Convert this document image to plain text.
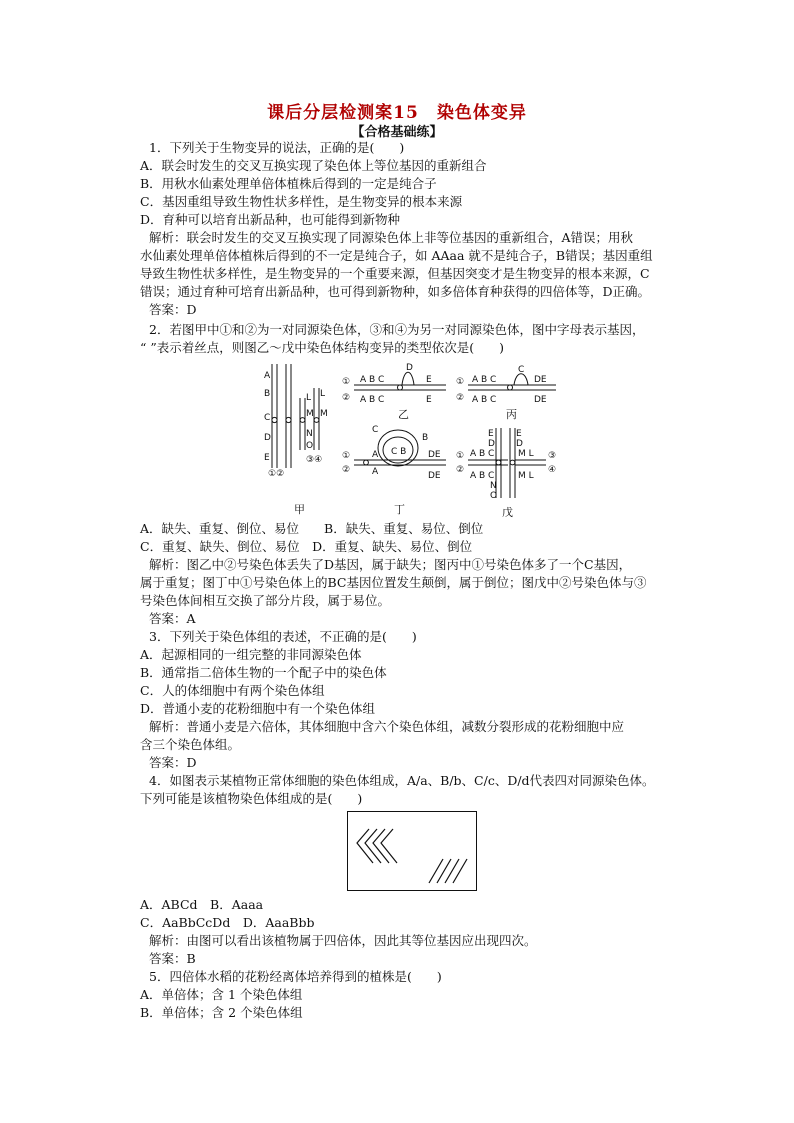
课后分层检测案15　染色体变异
【合格基础练】
1．下列关于生物变异的说法，正确的是(　　)
A．联会时发生的交叉互换实现了染色体上等位基因的重新组合
B．用秋水仙素处理单倍体植株后得到的一定是纯合子
C．基因重组导致生物性状多样性，是生物变异的根本来源
D．育种可以培育出新品种，也可能得到新物种
解析：联会时发生的交叉互换实现了同源染色体上非等位基因的重新组合，A错误；用秋
水仙素处理单倍体植株后得到的不一定是纯合子，如 AAaa 就不是纯合子，B错误；基因重组
导致生物性状多样性，是生物变异的一个重要来源，但基因突变才是生物变异的根本来源，C
错误；通过育种可培育出新品种，也可得到新物种，如多倍体育种获得的四倍体等，D正确。
答案：D
2．若图甲中①和②为一对同源染色体，③和④为另一对同源染色体，图中字母表示基因，
“ ”表示着丝点，则图乙～戊中染色体结构变异的类型依次是(　　)
A
B
C
D
E
L
M
N
O
L
M
①②
③④
甲
①
②
D
A B C	E
A B C	E
乙
①
②
C
A B C	DE
A B C	DE
丙
①
②
C
B
C B
A
A
DE
DE
丁
①
②
E
D
E
D
A B C
A B C
M L
M L
N
O
③
④
戊
A．缺失、重复、倒位、易位　　B．缺失、重复、易位、倒位
C．重复、缺失、倒位、易位　D．重复、缺失、易位、倒位
解析：图乙中②号染色体丢失了D基因，属于缺失；图丙中①号染色体多了一个C基因，
属于重复；图丁中①号染色体上的BC基因位置发生颠倒，属于倒位；图戊中②号染色体与③
号染色体间相互交换了部分片段，属于易位。
答案：A
3．下列关于染色体组的表述，不正确的是(　　)
A．起源相同的一组完整的非同源染色体
B．通常指二倍体生物的一个配子中的染色体
C．人的体细胞中有两个染色体组
D．普通小麦的花粉细胞中有一个染色体组
解析：普通小麦是六倍体，其体细胞中含六个染色体组，减数分裂形成的花粉细胞中应
含三个染色体组。
答案：D
4．如图表示某植物正常体细胞的染色体组成，A/a、B/b、C/c、D/d代表四对同源染色体。
下列可能是该植物染色体组成的是(　　)
A．ABCd　B．Aaaa
C．AaBbCcDd　D．AaaBbb
解析：由图可以看出该植物属于四倍体，因此其等位基因应出现四次。
答案：B
5．四倍体水稻的花粉经离体培养得到的植株是(　　)
A．单倍体；含 1 个染色体组
B．单倍体；含 2 个染色体组
